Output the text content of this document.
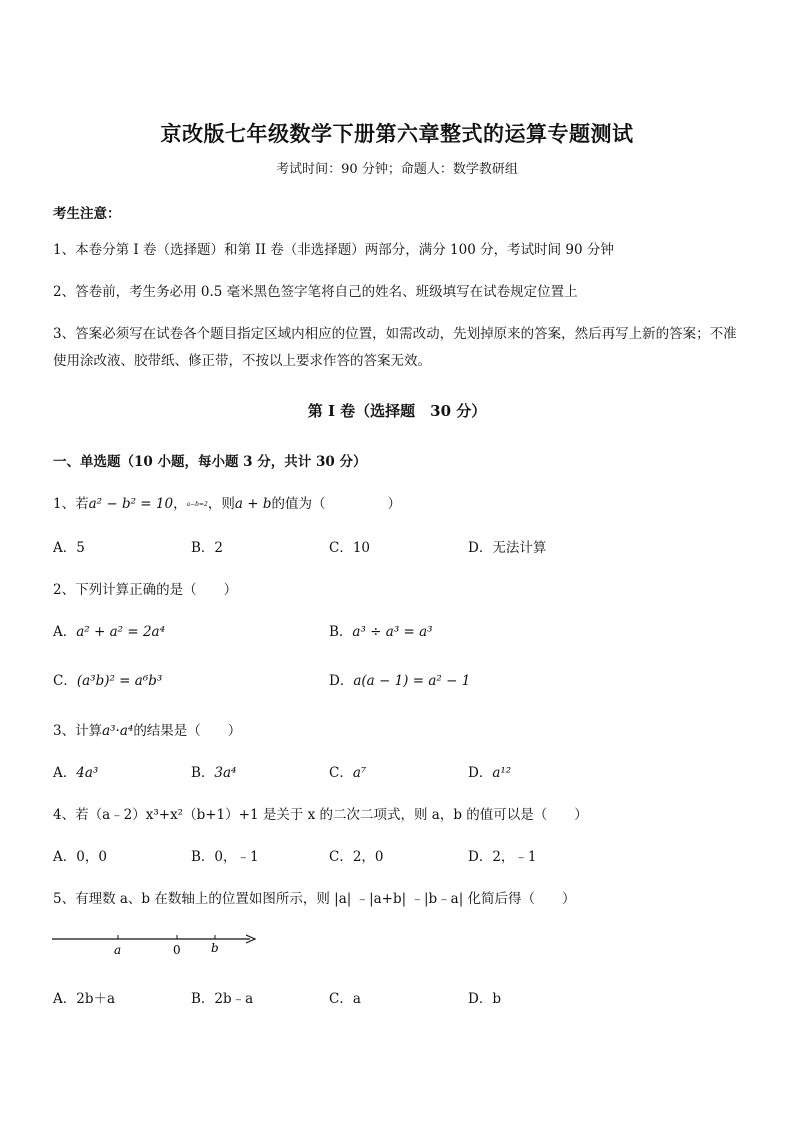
京改版七年级数学下册第六章整式的运算专题测试
考试时间：90 分钟；命题人：数学教研组
考生注意：
1、本卷分第 I 卷（选择题）和第 II 卷（非选择题）两部分，满分 100 分，考试时间 90 分钟
2、答卷前，考生务必用 0.5 毫米黑色签字笔将自己的姓名、班级填写在试卷规定位置上
3、答案必须写在试卷各个题目指定区域内相应的位置，如需改动，先划掉原来的答案，然后再写上新的答案；不准使用涂改液、胶带纸、修正带，不按以上要求作答的答案无效。
第 I 卷（选择题　30 分）
一、单选题（10 小题，每小题 3 分，共计 30 分）
1、若a² − b² = 10，a−b=2，则a + b的值为（	）
A．5	B．2	C．10	D．无法计算
2、下列计算正确的是（　　）
A．a² + a² = 2a⁴	B．a³ ÷ a³ = a³
C．(a³b)² = a⁶b³	D．a(a − 1) = a² − 1
3、计算a³·a⁴的结果是（　　）
A．4a³	B．3a⁴	C．a⁷	D．a¹²
4、若（a﹣2）x³+x²（b+1）+1 是关于 x 的二次二项式，则 a，b 的值可以是（　　）
A．0，0	B．0，﹣1	C．2，0	D．2，﹣1
5、有理数 a、b 在数轴上的位置如图所示，则 |a| ﹣|a+b| ﹣|b﹣a| 化简后得（　　）
a	0	b
A．2b＋a	B．2b﹣a	C．a	D．b
